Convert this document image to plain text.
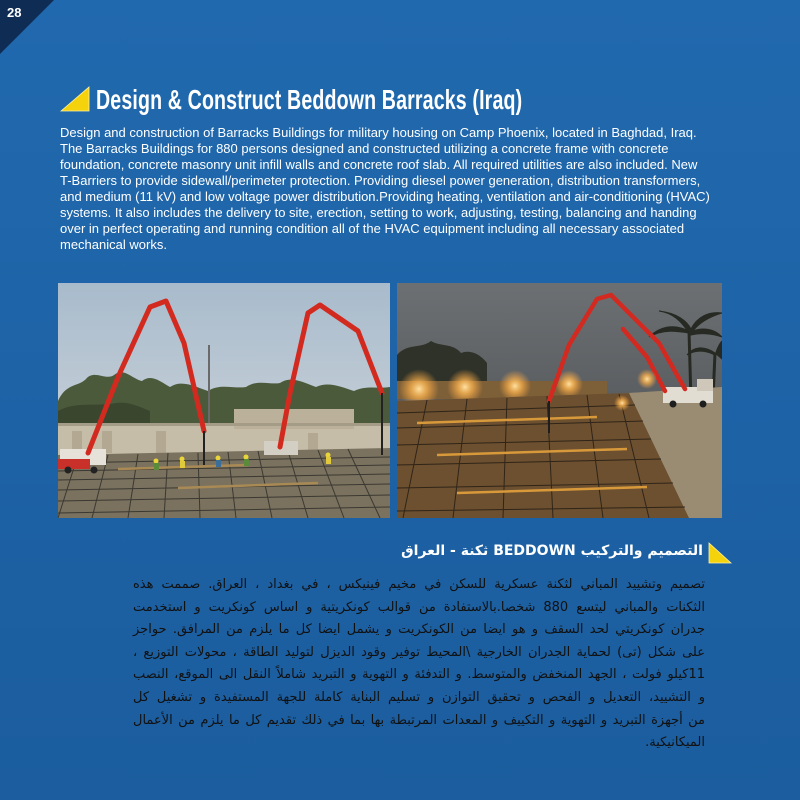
28
Design & Construct Beddown Barracks (Iraq)
Design and construction of Barracks Buildings for military housing on Camp Phoenix, located in Baghdad, Iraq.
The Barracks Buildings for 880 persons designed and constructed utilizing a concrete frame with concrete
foundation, concrete masonry unit infill walls and concrete roof slab. All required utilities are also included. New
T-Barriers to provide sidewall/perimeter protection. Providing diesel power generation, distribution transformers,
and medium (11 kV) and low voltage power distribution.Providing heating, ventilation and air-conditioning (HVAC)
systems. It also includes the delivery to site, erection, setting to work, adjusting, testing, balancing and handing
over in perfect operating and running condition all of the HVAC equipment including all necessary associated
mechanical works.
التصميم والتركيب BEDDOWN ثكنة - العراق
تصميم وتشييد المباني لثكنة عسكرية للسكن في مخيم فينيكس ، في بغداد ، العراق. صممت هذه
الثكنات والمباني ليتسع 880 شخصا.بالاستفادة من قوالب كونكريتية و اساس كونكريت و استخدمت
جدران كونكريتي لحد السقف و هو ايضا من الكونكريت و يشمل ايضا كل ما يلزم من المرافق. حواجز
على شكل (تى) لحماية الجدران الخارجية \المحيط توفير وقود الديزل لتوليد الطاقة ، محولات التوزيع ،
11كيلو فولت ، الجهد المنخفض والمتوسط. و التدفئة و التهوية و التبريد شاملاً النقل الى الموقع، النصب
و التشييد، التعديل و الفحص و تحقيق التوازن و تسليم البناية كاملة للجهة المستفيدة و تشغيل كل
من أجهزة التبريد و التهوية و التكييف و المعدات المرتبطة بها بما في ذلك تقديم كل ما يلزم من الأعمال
الميكانيكية.
